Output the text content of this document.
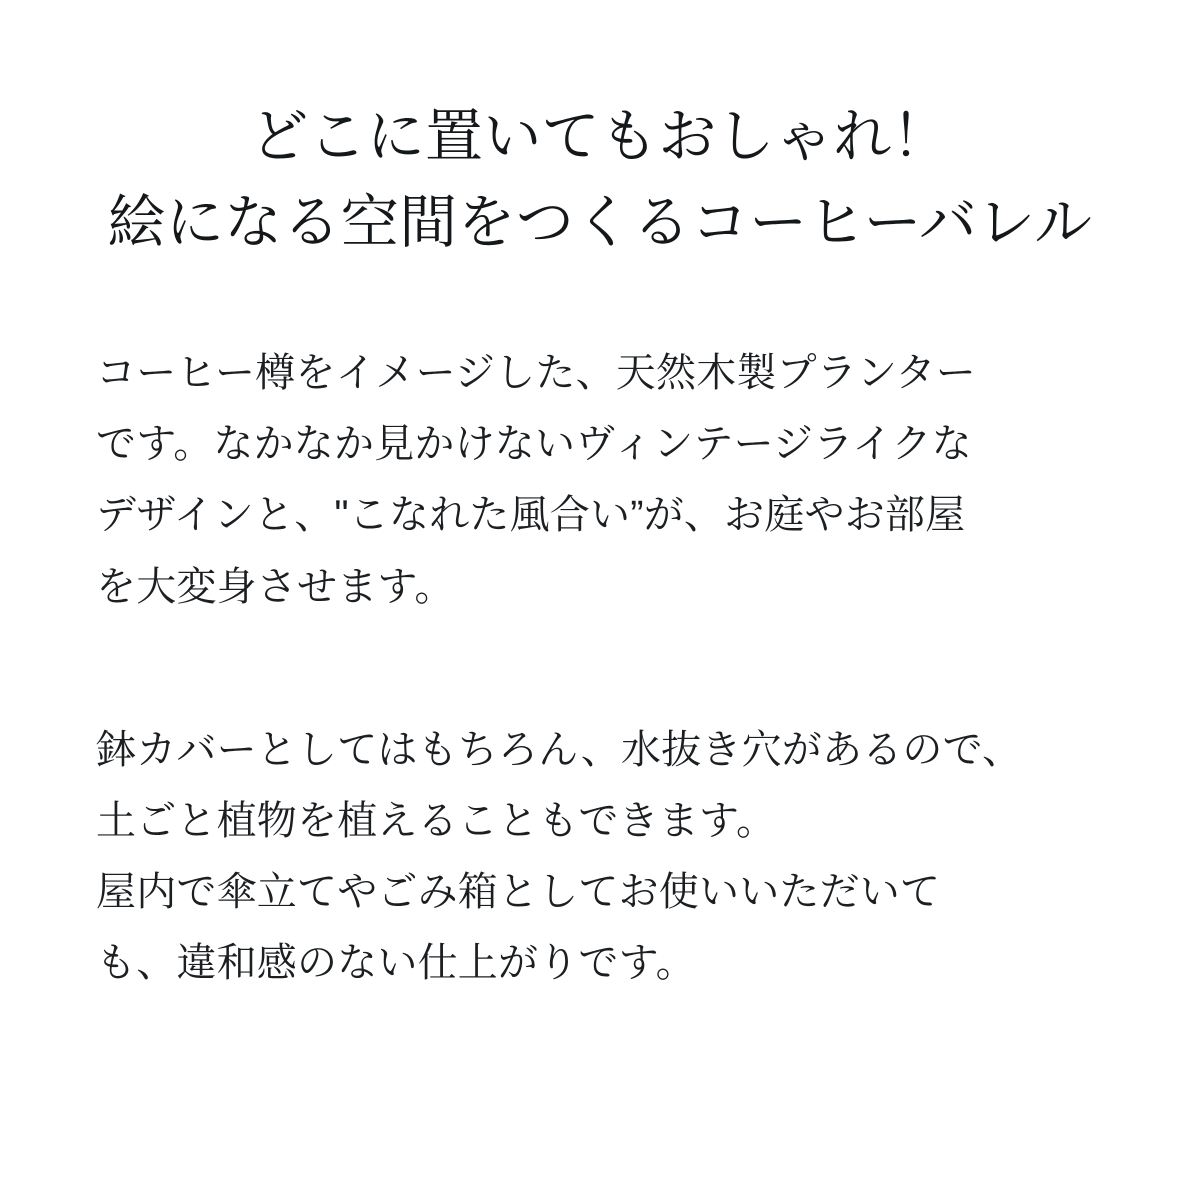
どこに置いてもおしゃれ！
絵になる空間をつくるコーヒーバレル

コーヒー樽をイメージした、天然木製プランター
です。なかなか見かけないヴィンテージライクな
デザインと、"こなれた風合い”が、お庭やお部屋
を大変身させます。

鉢カバーとしてはもちろん、水抜き穴があるので、
土ごと植物を植えることもできます。
屋内で傘立てやごみ箱としてお使いいただいて
も、違和感のない仕上がりです。
